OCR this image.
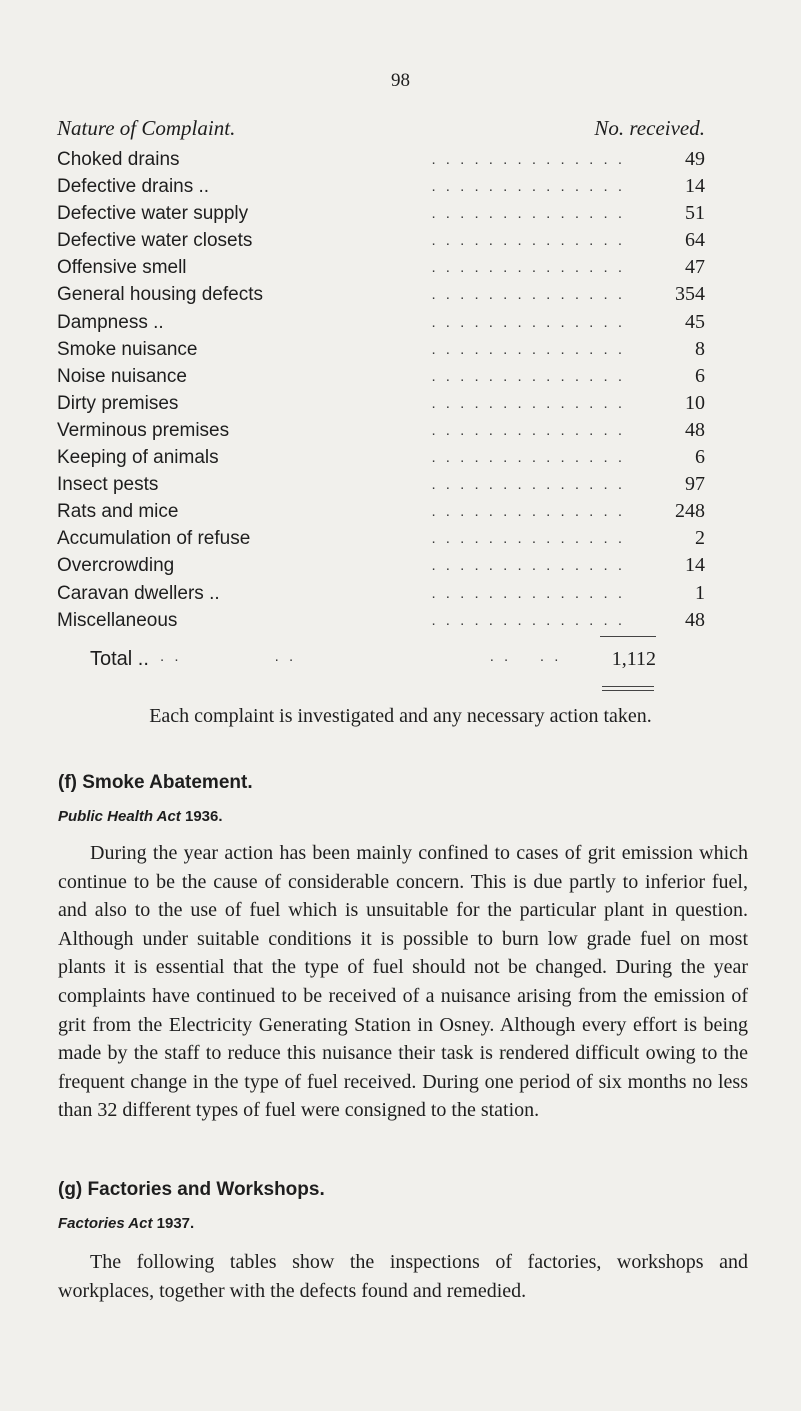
98
Nature of Complaint.	No. received.
. . . . . . . . . . . . . .
Choked drains	49
. . . . . . . . . . . . . .
Defective drains ..	14
. . . . . . . . . . . . . .
Defective water supply	51
. . . . . . . . . . . . . .
Defective water closets	64
. . . . . . . . . . . . . .
Offensive smell	47
. . . . . . . . . . . . . .
General housing defects	354
. . . . . . . . . . . . . .
Dampness ..	45
. . . . . . . . . . . . . .
Smoke nuisance	8
. . . . . . . . . . . . . .
Noise nuisance	6
. . . . . . . . . . . . . .
Dirty premises	10
. . . . . . . . . . . . . .
Verminous premises	48
. . . . . . . . . . . . . .
Keeping of animals	6
. . . . . . . . . . . . . .
Insect pests	97
. . . . . . . . . . . . . .
Rats and mice	248
. . . . . . . . . . . . . .
Accumulation of refuse	2
. . . . . . . . . . . . . .
Overcrowding	14
. . . . . . . . . . . . . .
Caravan dwellers ..	1
. . . . . . . . . . . . . .
Miscellaneous	48
Total .. . .             . .                           . .    . .	1,112
Each complaint is investigated and any necessary action taken.
(f) Smoke Abatement.
Public Health Act 1936.
During the year action has been mainly confined to cases of grit emission which continue to be the cause of considerable concern. This is due partly to inferior fuel, and also to the use of fuel which is unsuitable for the particular plant in question. Although under suitable conditions it is possible to burn low grade fuel on most plants it is essential that the type of fuel should not be changed. During the year complaints have continued to be received of a nuisance arising from the emission of grit from the Electricity Generating Station in Osney. Although every effort is being made by the staff to reduce this nuisance their task is rendered difficult owing to the frequent change in the type of fuel received. During one period of six months no less than 32 different types of fuel were consigned to the station.
(g) Factories and Workshops.
Factories Act 1937.
The following tables show the inspections of factories, workshops and workplaces, together with the defects found and remedied.
